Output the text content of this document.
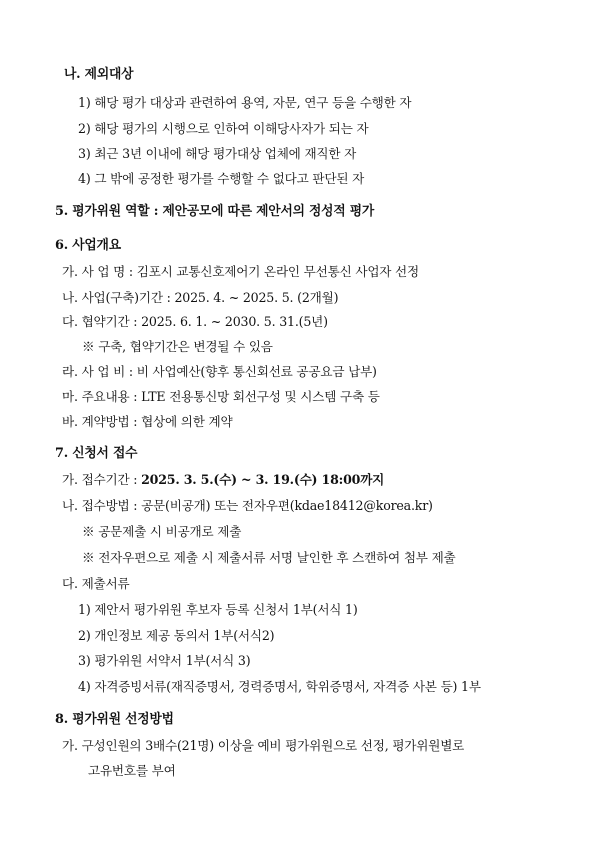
나. 제외대상
1) 해당 평가 대상과 관련하여 용역, 자문, 연구 등을 수행한 자
2) 해당 평가의 시행으로 인하여 이해당사자가 되는 자
3) 최근 3년 이내에 해당 평가대상 업체에 재직한 자
4) 그 밖에 공정한 평가를 수행할 수 없다고 판단된 자
5. 평가위원 역할 : 제안공모에 따른 제안서의 정성적 평가
6. 사업개요
가. 사 업 명 : 김포시 교통신호제어기 온라인 무선통신 사업자 선정
나. 사업(구축)기간 : 2025. 4. ~ 2025. 5. (2개월)
다. 협약기간 : 2025. 6. 1. ~ 2030. 5. 31.(5년)
※ 구축, 협약기간은 변경될 수 있음
라. 사 업 비 : 비 사업예산(향후 통신회선료 공공요금 납부)
마. 주요내용 : LTE 전용통신망 회선구성 및 시스템 구축 등
바. 계약방법 : 협상에 의한 계약
7. 신청서 접수
가. 접수기간 : 2025. 3. 5.(수) ~ 3. 19.(수) 18:00까지
나. 접수방법 : 공문(비공개) 또는 전자우편(kdae18412@korea.kr)
※ 공문제출 시 비공개로 제출
※ 전자우편으로 제출 시 제출서류 서명 날인한 후 스캔하여 첨부 제출
다. 제출서류
1) 제안서 평가위원 후보자 등록 신청서 1부(서식 1)
2) 개인정보 제공 동의서 1부(서식2)
3) 평가위원 서약서 1부(서식 3)
4) 자격증빙서류(재직증명서, 경력증명서, 학위증명서, 자격증 사본 등) 1부
8. 평가위원 선정방법
가. 구성인원의 3배수(21명) 이상을 예비 평가위원으로 선정, 평가위원별로
고유번호를 부여
